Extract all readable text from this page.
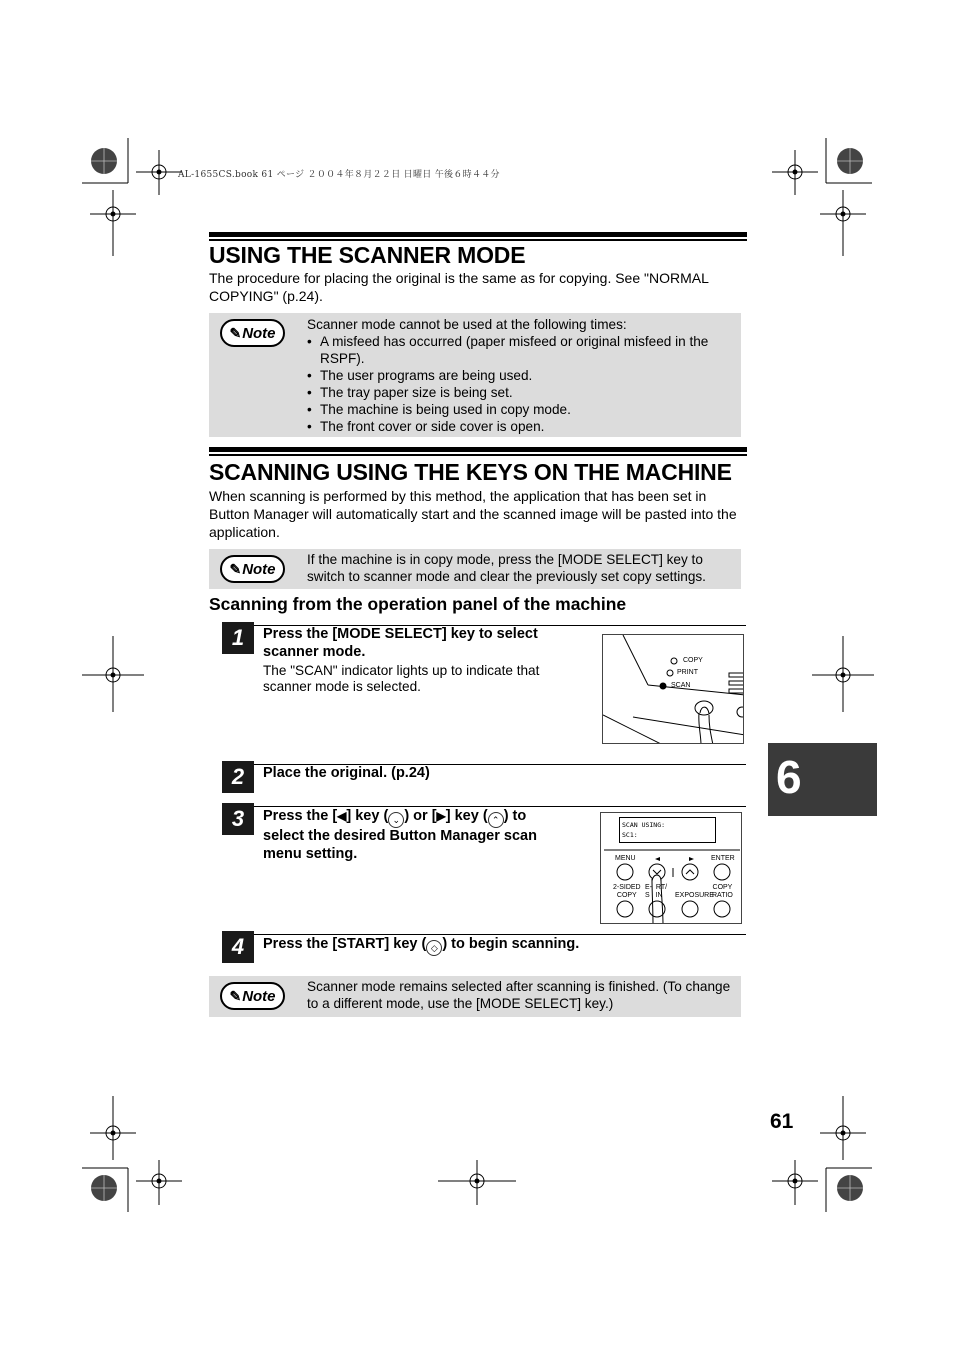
AL-1655CS.book 61 ページ ２００４年８月２２日 日曜日 午後６時４４分
USING THE SCANNER MODE

The procedure for placing the original is the same as for copying. See "NORMAL COPYING" (p.24).

✎ Note Scanner mode cannot be used at the following times:
• A misfeed has occurred (paper misfeed or original misfeed in the RSPF).
• The user programs are being used.
• The tray paper size is being set.
• The machine is being used in copy mode.
• The front cover or side cover is open.
SCANNING USING THE KEYS ON THE MACHINE

When scanning is performed by this method, the application that has been set in Button Manager will automatically start and the scanned image will be pasted into the application.

✎ Note
If the machine is in copy mode, press the [MODE SELECT] key to switch to scanner mode and clear the previously set copy settings.
Scanning from the operation panel of the machine
1	Press the [MODE SELECT] key to select scanner mode.
The "SCAN" indicator lights up to indicate that scanner mode is selected.
COPY
PRINT
SCAN
2	Place the original. (p.24)
3	Press the [◀] key ( ⌄ ) or [▶] key ( ⌃ ) to
select the desired Button Manager scan
menu setting.
SCAN USING:
SC1:
MENU	ENTER
2-SIDED
COPY
E-  RT/
S   IN	EXPOSURE
COPY
RATIO
4	Press the [START] key ( ◇ ) to begin scanning.
✎ Note
Scanner mode remains selected after scanning is finished. (To change to a different mode, use the [MODE SELECT] key.)
6
61
